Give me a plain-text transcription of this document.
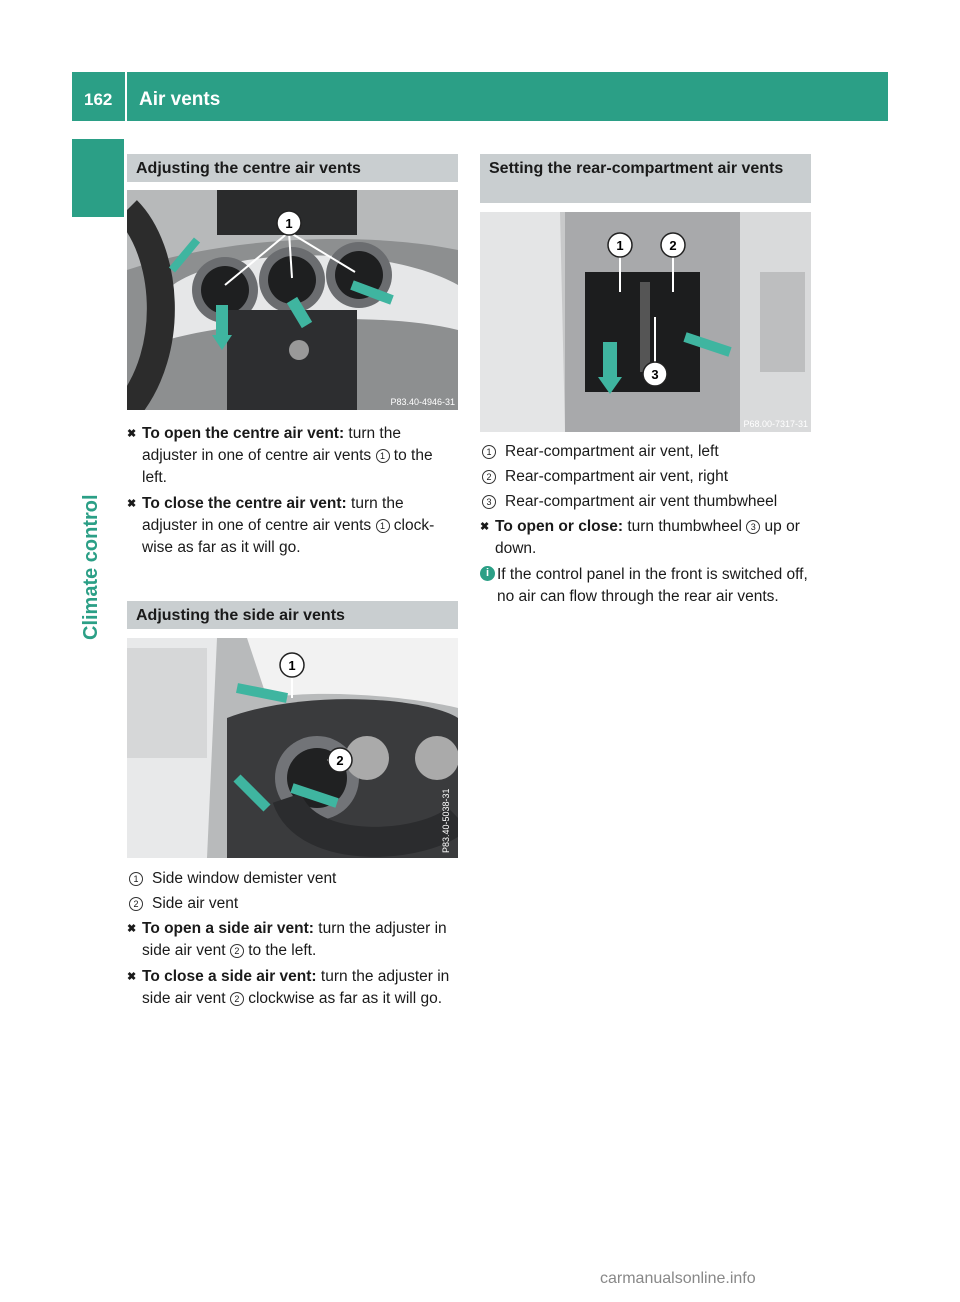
162 Air vents
Climate control
Adjusting the centre air vents
1
P83.40-4946-31

✖ To open the centre air vent: turn the adjuster in one of centre air vents 1 to the left.

✖ To close the centre air vent: turn the adjuster in one of centre air vents 1 clockwise as far as it will go.

Adjusting the side air vents
1
2
P83.40-5038-31

1 Side window demister vent

2 Side air vent

✖ To open a side air vent: turn the adjuster in side air vent 2 to the left.

✖ To close a side air vent: turn the adjuster in side air vent 2 clockwise as far as it will go.

Setting the rear-compartment air vents
1	2
3
P68.00-7317-31

1 Rear-compartment air vent, left

2 Rear-compartment air vent, right

3 Rear-compartment air vent thumbwheel

✖ To open or close: turn thumbwheel 3 up or down.

i If the control panel in the front is switched off, no air can flow through the rear air vents.

carmanualsonline.info
